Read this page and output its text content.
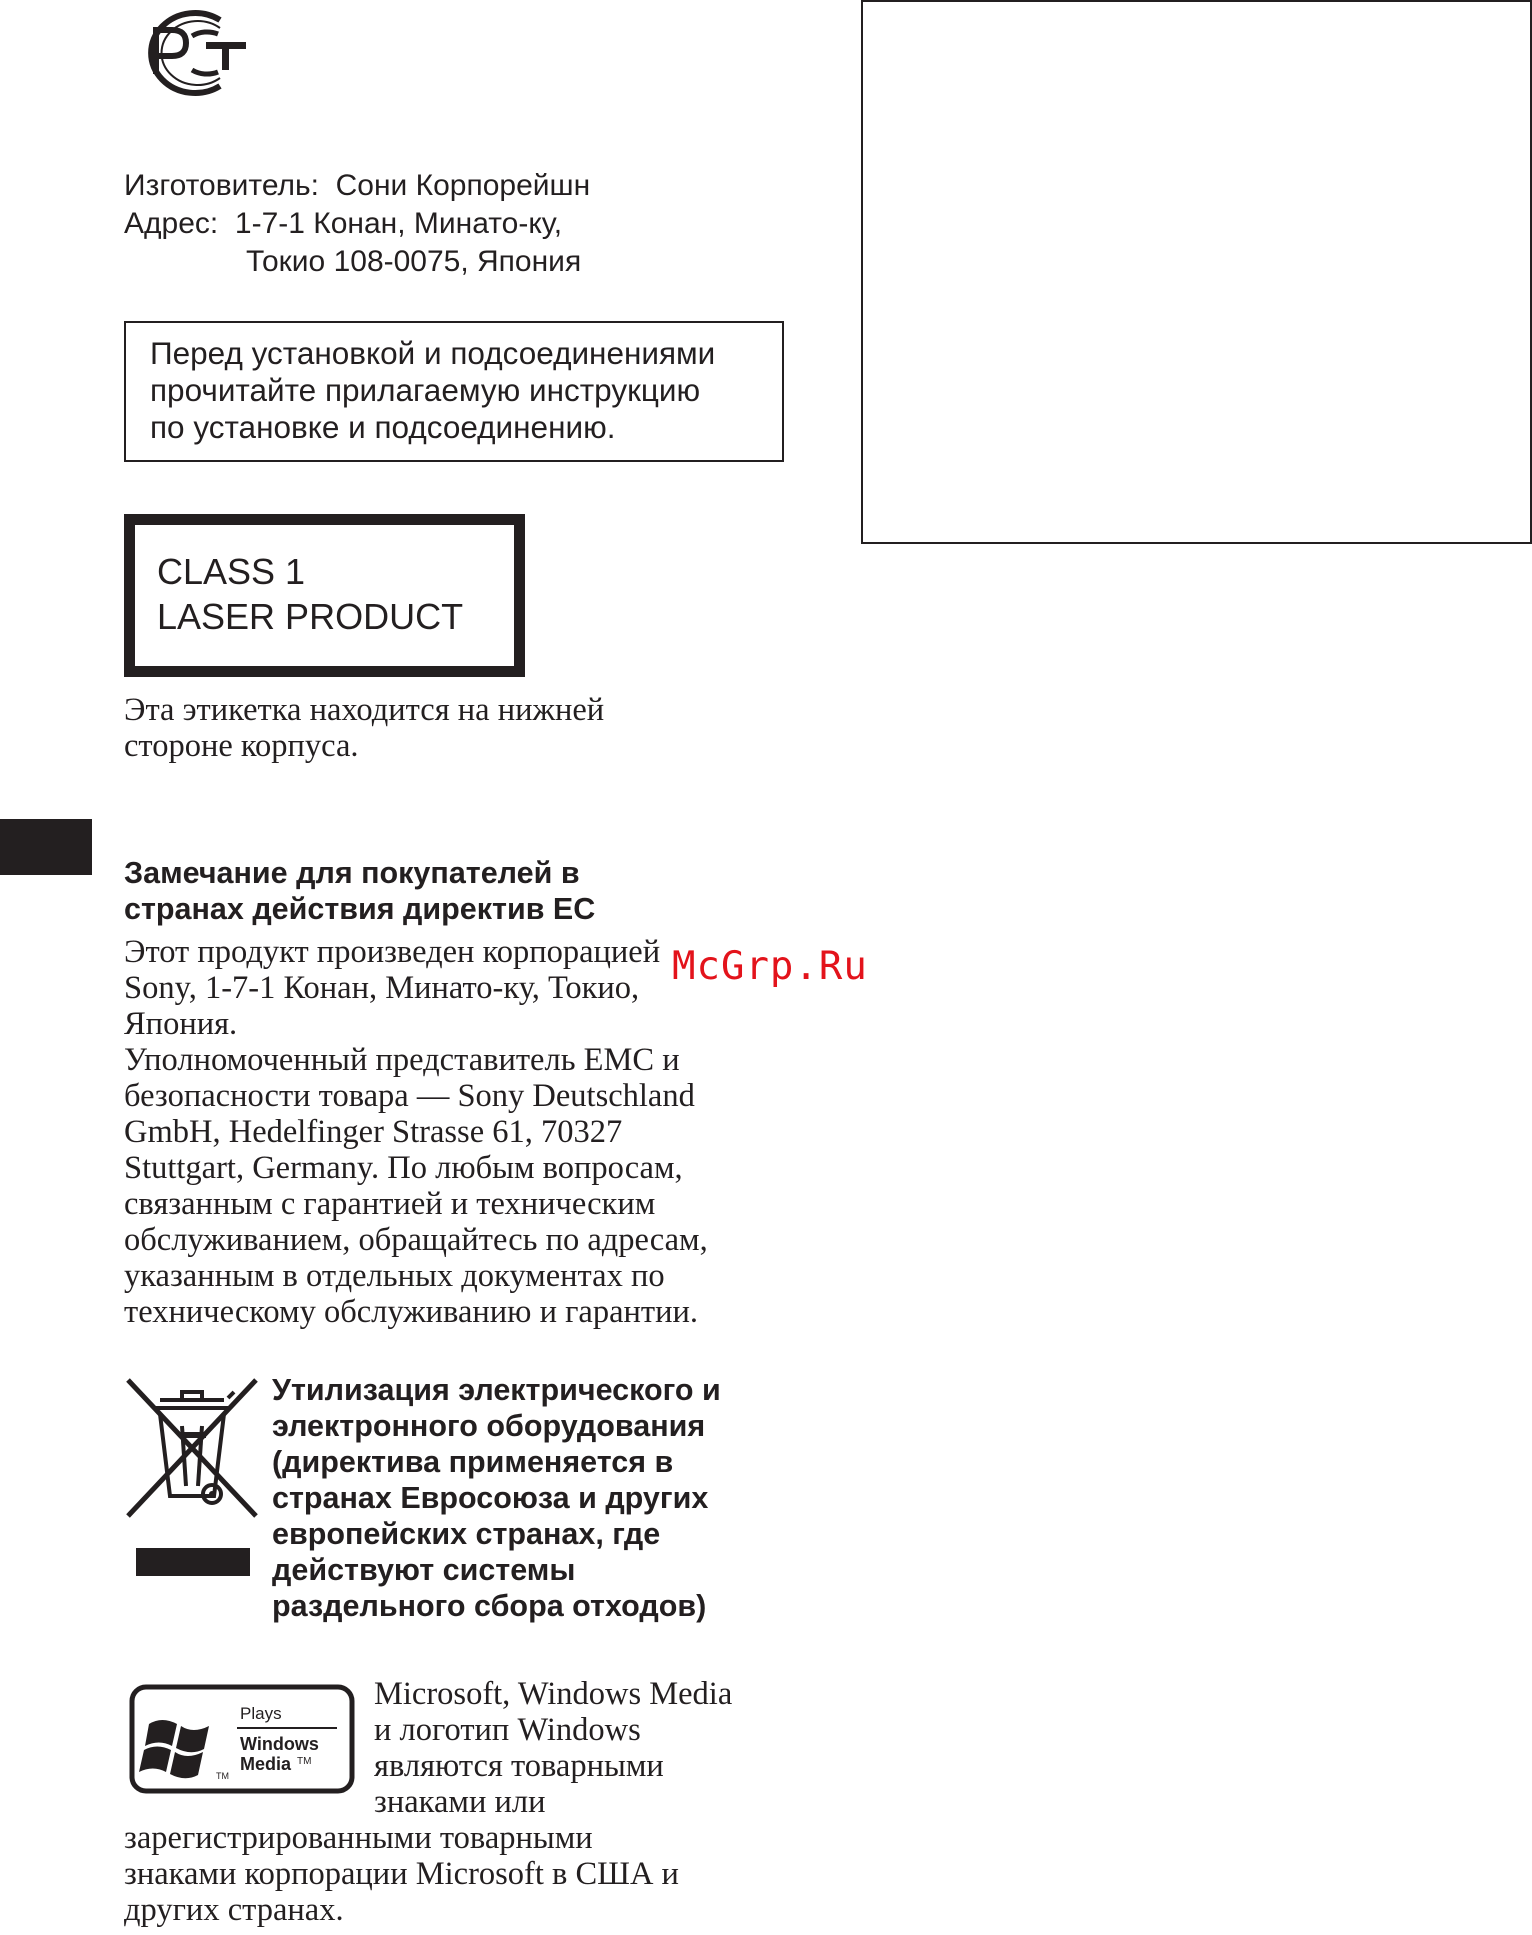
Изготовитель:  Сони Корпорейшн
Адрес:  1-7-1 Конан, Минато-ку,
Токио 108-0075, Япония
Перед установкой и подсоединениями
прочитайте прилагаемую инструкцию
по установке и подсоединению.
CLASS 1
LASER PRODUCT
Эта этикетка находится на нижней
стороне корпуса.
Замечание для покупателей в
странах действия директив ЕС
Этот продукт произведен корпорацией
Sony, 1-7-1 Конан, Минато-ку, Токио,
Япония.
Уполномоченный представитель EMC и
безопасности товара — Sony Deutschland
GmbH, Hedelfinger Strasse 61, 70327
Stuttgart, Germany. По любым вопросам,
связанным с гарантией и техническим
обслуживанием, обращайтесь по адресам,
указанным в отдельных документах по
техническому обслуживанию и гарантии.
McGrp.Ru
Утилизация электрического и
электронного оборудования
(директива применяется в
странах Евросоюза и других
европейских странах, где
действуют системы
раздельного сбора отходов)
Plays
Windows
Media TM
TM
Microsoft, Windows Media
и логотип Windows
являются товарными
знаками или
зарегистрированными товарными
знаками корпорации Microsoft в США и
других странах.
